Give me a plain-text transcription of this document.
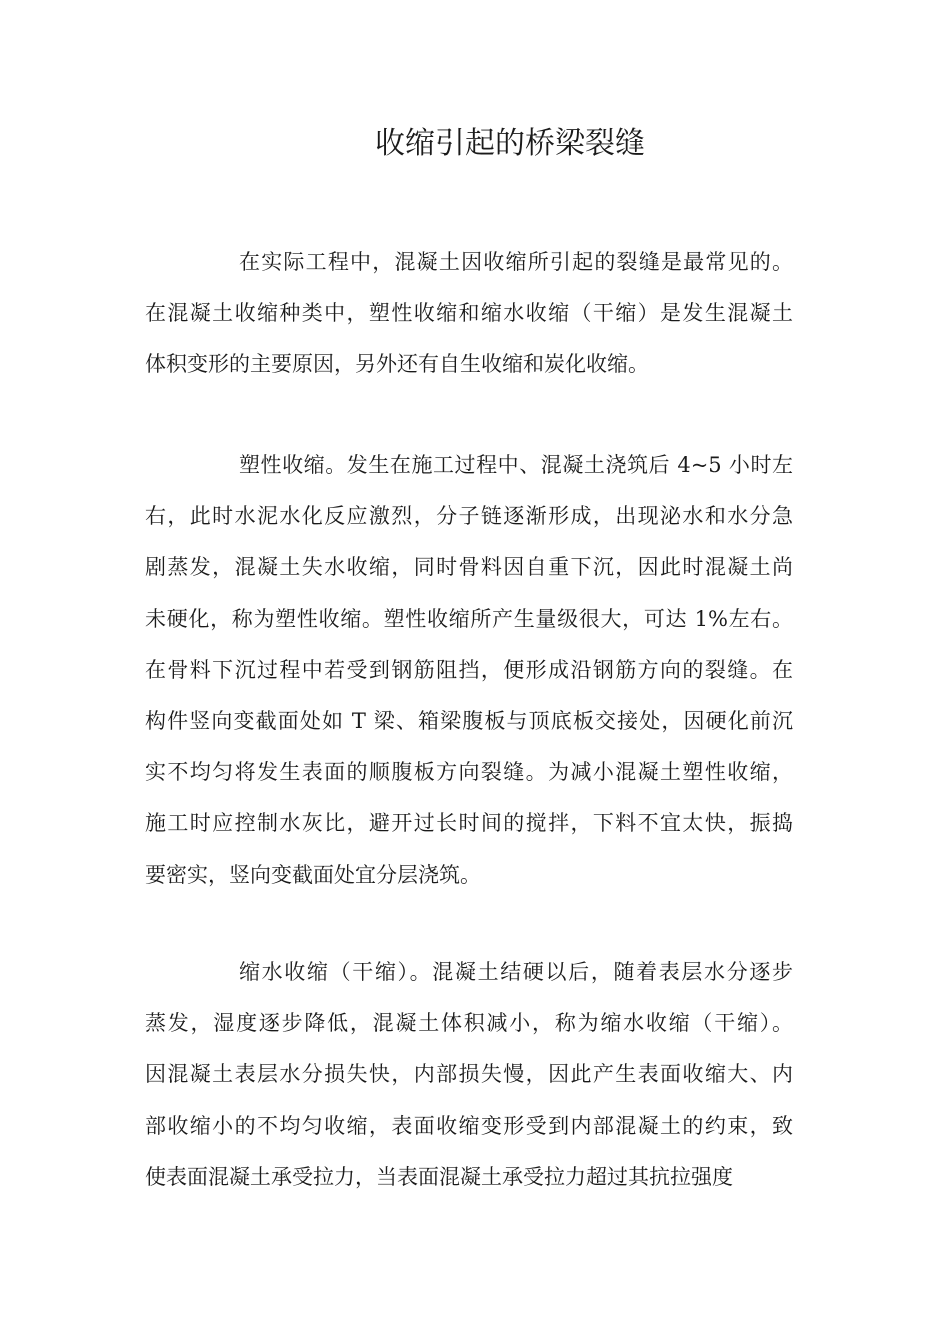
收缩引起的桥梁裂缝
在实际工程中，混凝土因收缩所引起的裂缝是最常见的。
在混凝土收缩种类中，塑性收缩和缩水收缩（干缩）是发生混凝土
体积变形的主要原因，另外还有自生收缩和炭化收缩。
塑性收缩。发生在施工过程中、混凝土浇筑后 4~5 小时左
右，此时水泥水化反应激烈，分子链逐渐形成，出现泌水和水分急
剧蒸发，混凝土失水收缩，同时骨料因自重下沉，因此时混凝土尚
未硬化，称为塑性收缩。塑性收缩所产生量级很大，可达 1%左右。
在骨料下沉过程中若受到钢筋阻挡，便形成沿钢筋方向的裂缝。在
构件竖向变截面处如 T 梁、箱梁腹板与顶底板交接处，因硬化前沉
实不均匀将发生表面的顺腹板方向裂缝。为减小混凝土塑性收缩，
施工时应控制水灰比，避开过长时间的搅拌，下料不宜太快，振捣
要密实，竖向变截面处宜分层浇筑。
缩水收缩（干缩）。混凝土结硬以后，随着表层水分逐步
蒸发，湿度逐步降低，混凝土体积减小，称为缩水收缩（干缩）。
因混凝土表层水分损失快，内部损失慢，因此产生表面收缩大、内
部收缩小的不均匀收缩，表面收缩变形受到内部混凝土的约束，致
使表面混凝土承受拉力，当表面混凝土承受拉力超过其抗拉强度
